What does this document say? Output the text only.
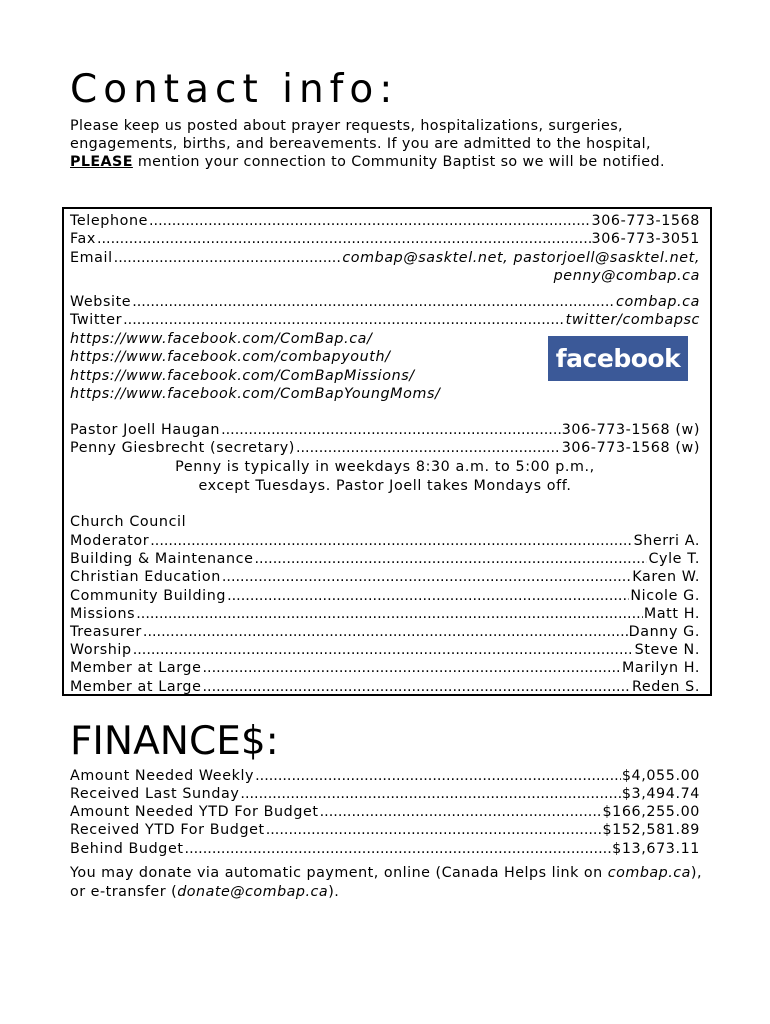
Contact info:

Please keep us posted about prayer requests, hospitalizations, surgeries, engagements, births, and bereavements. If you are admitted to the hospital, PLEASE mention your connection to Community Baptist so we will be notified.

Telephone .....	306-773-1568
Fax .....	306-773-3051
Email .....	combap@sasktel.net, pastorjoell@sasktel.net,
penny@combap.ca
Website .....	combap.ca
Twitter .....	twitter/combapsc
https://www.facebook.com/ComBap.ca/
https://www.facebook.com/combapyouth/
https://www.facebook.com/ComBapMissions/
https://www.facebook.com/ComBapYoungMoms/
facebook
Pastor Joell Haugan .....	306-773-1568 (w)
Penny Giesbrecht (secretary) .....	306-773-1568 (w)
Penny is typically in weekdays 8:30 a.m. to 5:00 p.m.,
except Tuesdays. Pastor Joell takes Mondays off.
Church Council
Moderator .....	Sherri A.
Building & Maintenance .....	Cyle T.
Christian Education .....	Karen W.
Community Building .....	Nicole G.
Missions .....	Matt H.
Treasurer .....	Danny G.
Worship .....	Steve N.
Member at Large .....	Marilyn H.
Member at Large .....	Reden S.
FINANCE$:
Amount Needed Weekly .....	$4,055.00
Received Last Sunday .....	$3,494.74
Amount Needed YTD For Budget .....	$166,255.00
Received YTD For Budget .....	$152,581.89
Behind Budget .....	$13,673.11

You may donate via automatic payment, online (Canada Helps link on combap.ca), or e-transfer (donate@combap.ca).
